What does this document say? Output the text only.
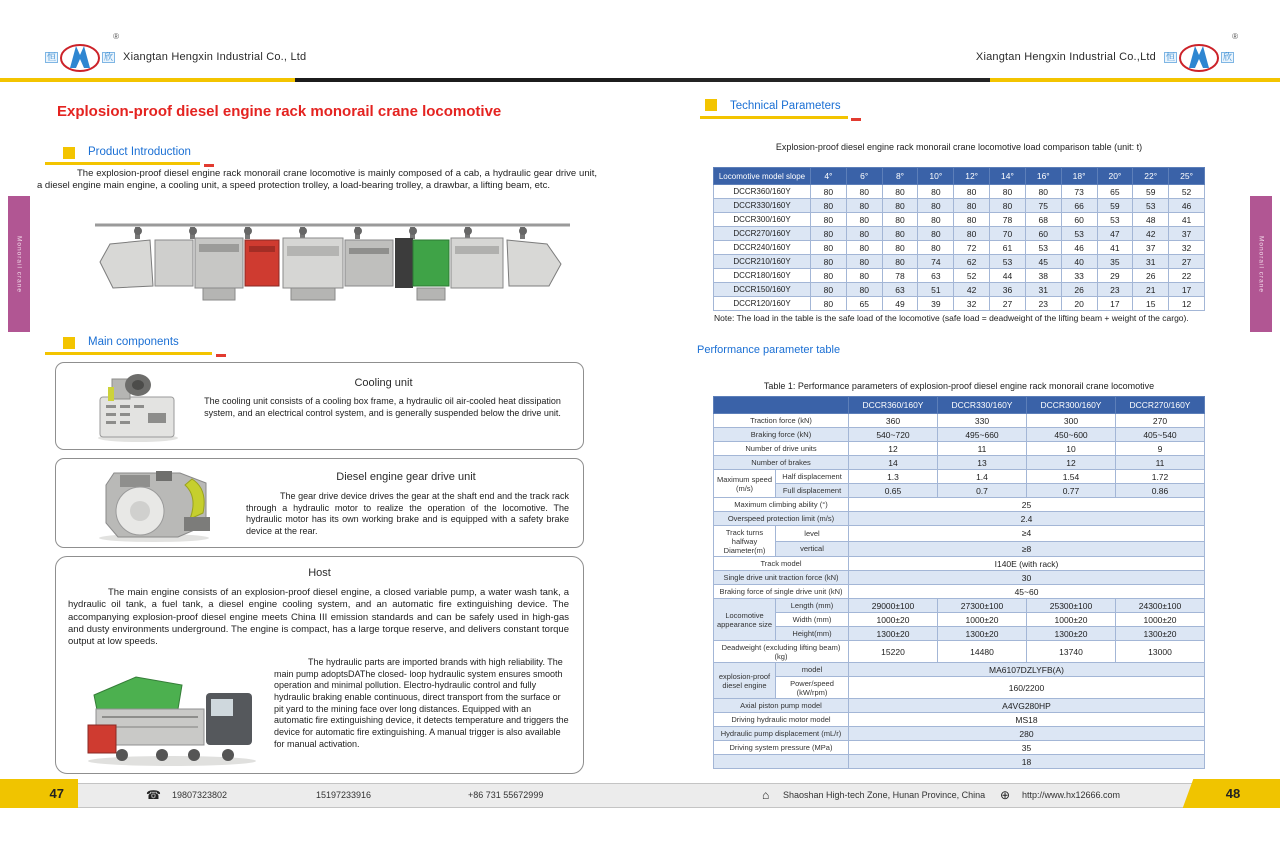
恒	欣
®
Xiangtan Hengxin Industrial Co., Ltd	Xiangtan Hengxin Industrial Co.,Ltd 恒	欣
®
Explosion-proof diesel engine rack monorail crane locomotive
Product Introduction

The explosion-proof diesel engine rack monorail crane locomotive is mainly composed of a cab, a hydraulic gear drive unit, a diesel engine main engine, a cooling unit, a speed protection trolley, a load-bearing trolley, a drawbar, a lifting beam, etc.

Main components
Cooling unit
The cooling unit consists of a cooling box frame, a hydraulic oil air-cooled heat dissipation system, and an electrical control system, and is generally suspended below the drive unit.
Diesel engine gear drive unit
The gear drive device drives the gear at the shaft end and the track rack through a hydraulic motor to realize the operation of the locomotive. The hydraulic motor has its own working brake and is equipped with a safety brake device at the rear.
Host
The main engine consists of an explosion-proof diesel engine, a closed variable pump, a water wash tank, a hydraulic oil tank, a fuel tank, a diesel engine cooling system, and an automatic fire extinguishing device. The accompanying explosion-proof diesel engine meets China III emission standards and can be safely used in high-gas and dusty environments underground. The engine is compact, has a large torque reserve, and delivers constant torque output at low speeds.
The hydraulic parts are imported brands with high reliability. The main pump adoptsDAThe closed- loop hydraulic system ensures smooth operation and minimal pollution. Electro-hydraulic control and fully hydraulic braking enable continuous, direct transport from the surface or pit yard to the mining face over long distances. Equipped with an automatic fire extinguishing device, it detects temperature and triggers the device for automatic fire extinguishing. A manual trigger is also available for manual activation.
Technical Parameters
Explosion-proof diesel engine rack monorail crane locomotive load comparison table (unit: t)
Locomotive model slope	4°	6°	8°	10°	12°	14°	16°	18°	20°	22°	25°
DCCR360/160Y	80	80	80	80	80	80	80	73	65	59	52
DCCR330/160Y	80	80	80	80	80	80	75	66	59	53	46
DCCR300/160Y	80	80	80	80	80	78	68	60	53	48	41
DCCR270/160Y	80	80	80	80	80	70	60	53	47	42	37
DCCR240/160Y	80	80	80	80	72	61	53	46	41	37	32
DCCR210/160Y	80	80	80	74	62	53	45	40	35	31	27
DCCR180/160Y	80	80	78	63	52	44	38	33	29	26	22
DCCR150/160Y	80	80	63	51	42	36	31	26	23	21	17
DCCR120/160Y	80	65	49	39	32	27	23	20	17	15	12
Note: The load in the table is the safe load of the locomotive (safe load = deadweight of the lifting beam + weight of the cargo).
Performance parameter table
Table 1: Performance parameters of explosion-proof diesel engine rack monorail crane locomotive
		DCCR360/160Y	DCCR330/160Y	DCCR300/160Y	DCCR270/160Y
Traction force (kN)		360	330	300	270
Braking force (kN)		540~720	495~660	450~600	405~540
Number of drive units		12	11	10	9
Number of brakes		14	13	12	11
Maximum speed (m/s)	Half displacement	1.3	1.4	1.54	1.72
	Full displacement	0.65	0.7	0.77	0.86
Maximum climbing ability (°)		25			
Overspeed protection limit (m/s)		2.4			
Track turns halfway Diameter(m)	level	≥4			
	vertical	≥8			
Track model		I140E (with rack)			
Single drive unit traction force (kN)		30			
Braking force of single drive unit (kN)		45~60			
Locomotive appearance size	Length (mm)	29000±100	27300±100	25300±100	24300±100
	Width (mm)	1000±20	1000±20	1000±20	1000±20
	Height(mm)	1300±20	1300±20	1300±20	1300±20
Deadweight (excluding lifting beam) (kg)		15220	14480	13740	13000
explosion-proof diesel engine	model	MA6107DZLYFB(A)			
	Power/speed (kW/rpm)	160/2200			
Axial piston pump model		A4VG280HP			
Driving hydraulic motor model		MS18			
Hydraulic pump displacement (mL/r)		280			
Driving system pressure (MPa)		35			
		18			
Monorail crane	Monorail crane
☎ 19807323802	15197233916	+86 731 55672999	⌂ Shaoshan High-tech Zone, Hunan Province, China ⊕ http://www.hx12666.com
47	48
